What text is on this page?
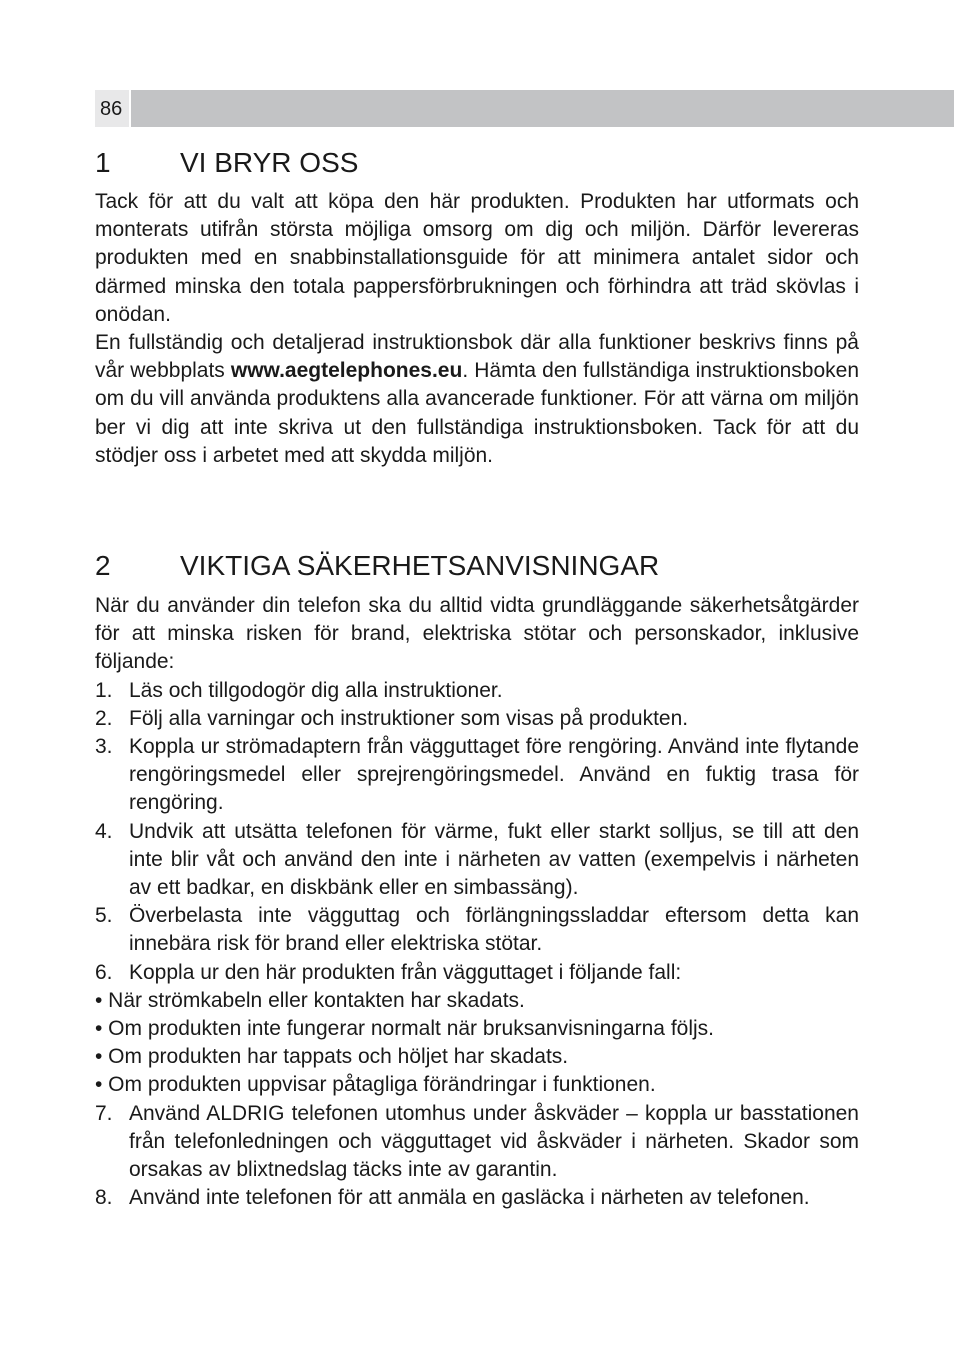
86
1 VI BRYR OSS

Tack för att du valt att köpa den här produkten. Produkten har utformats och monterats utifrån största möjliga omsorg om dig och miljön. Därför levereras produkten med en snabbinstallationsguide för att minimera antalet sidor och därmed minska den totala pappersförbrukningen och förhindra att träd skövlas i onödan.

En fullständig och detaljerad instruktionsbok där alla funktioner beskrivs finns på vår webbplats www.aegtelephones.eu. Hämta den fullständiga instruktionsboken om du vill använda produktens alla avancerade funktioner. För att värna om miljön ber vi dig att inte skriva ut den fullständiga instruktionsboken. Tack för att du stödjer oss i arbetet med att skydda miljön.

2 VIKTIGA SÄKERHETSANVISNINGAR

När du använder din telefon ska du alltid vidta grundläggande säkerhetsåtgärder för att minska risken för brand, elektriska stötar och personskador, inklusive följande:

1. Läs och tillgodogör dig alla instruktioner.
2. Följ alla varningar och instruktioner som visas på produkten.
3. Koppla ur strömadaptern från vägguttaget före rengöring. Använd inte flytande rengöringsmedel eller sprejrengöringsmedel. Använd en fuktig trasa för rengöring.
4. Undvik att utsätta telefonen för värme, fukt eller starkt solljus, se till att den inte blir våt och använd den inte i närheten av vatten (exempelvis i närheten av ett badkar, en diskbänk eller en simbassäng).
5. Överbelasta inte vägguttag och förlängningssladdar eftersom detta kan innebära risk för brand eller elektriska stötar.
6. Koppla ur den här produkten från vägguttaget i följande fall:
• När strömkabeln eller kontakten har skadats.
• Om produkten inte fungerar normalt när bruksanvisningarna följs.
• Om produkten har tappats och höljet har skadats.
• Om produkten uppvisar påtagliga förändringar i funktionen.
7. Använd ALDRIG telefonen utomhus under åskväder – koppla ur basstationen från telefonledningen och vägguttaget vid åskväder i närheten. Skador som orsakas av blixtnedslag täcks inte av garantin.
8. Använd inte telefonen för att anmäla en gasläcka i närheten av telefonen.
